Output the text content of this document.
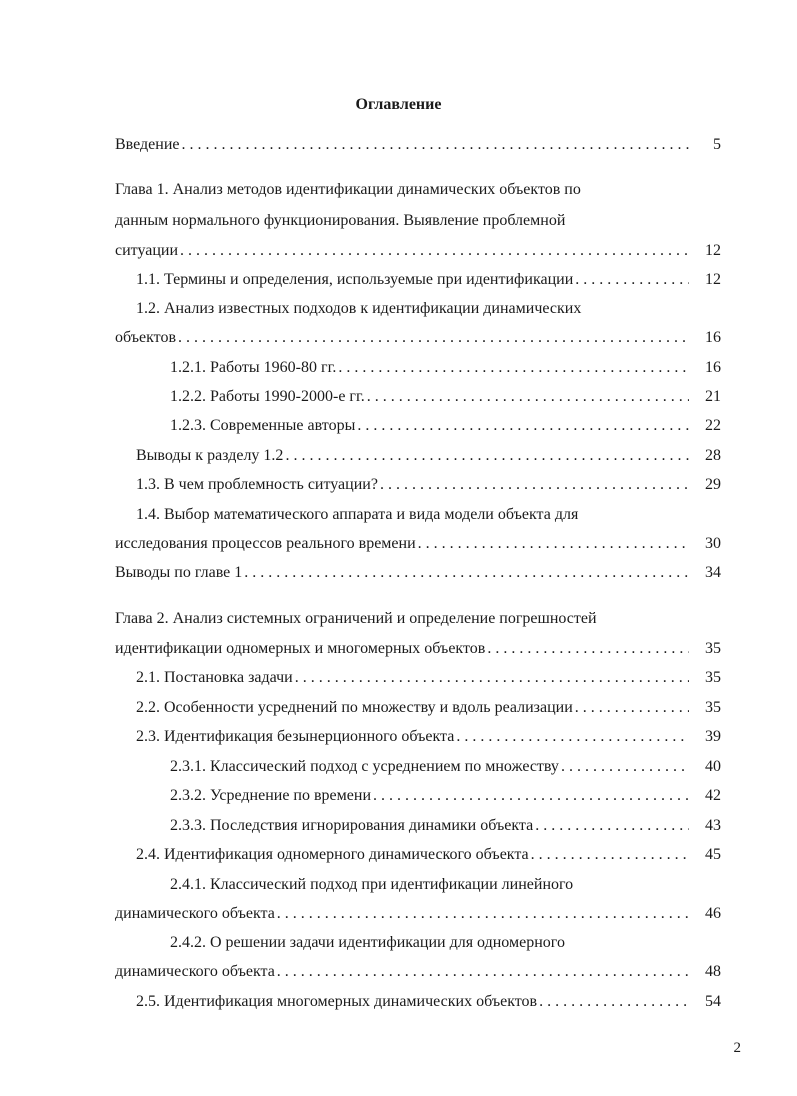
Оглавление
Введение . . .	5
Глава 1. Анализ методов идентификации динамических объектов по
данным нормального функционирования. Выявление проблемной
ситуации . . .	12
1.1. Термины и определения, используемые при идентификации . . .	12
1.2. Анализ известных подходов к идентификации динамических
объектов . . .	16
1.2.1. Работы 1960-80 гг. . . .	16
1.2.2. Работы 1990-2000-е гг. . . .	21
1.2.3. Современные авторы . . .	22
Выводы к разделу 1.2 . . .	28
1.3. В чем проблемность ситуации? . . .	29
1.4. Выбор математического аппарата и вида модели объекта для
исследования процессов реального времени . . .	30
Выводы по главе 1 . . .	34
Глава 2. Анализ системных ограничений и определение погрешностей
идентификации одномерных и многомерных объектов . . .	35
2.1. Постановка задачи . . .	35
2.2. Особенности усреднений по множеству и вдоль реализации . . .	35
2.3. Идентификация безынерционного объекта . . .	39
2.3.1. Классический подход с усреднением по множеству . . .	40
2.3.2. Усреднение по времени . . .	42
2.3.3. Последствия игнорирования динамики объекта . . .	43
2.4. Идентификация одномерного динамического объекта . . .	45
2.4.1. Классический подход при идентификации линейного
динамического объекта . . .	46
2.4.2. О решении задачи идентификации для одномерного
динамического объекта . . .	48
2.5. Идентификация многомерных динамических объектов . . .	54
2
